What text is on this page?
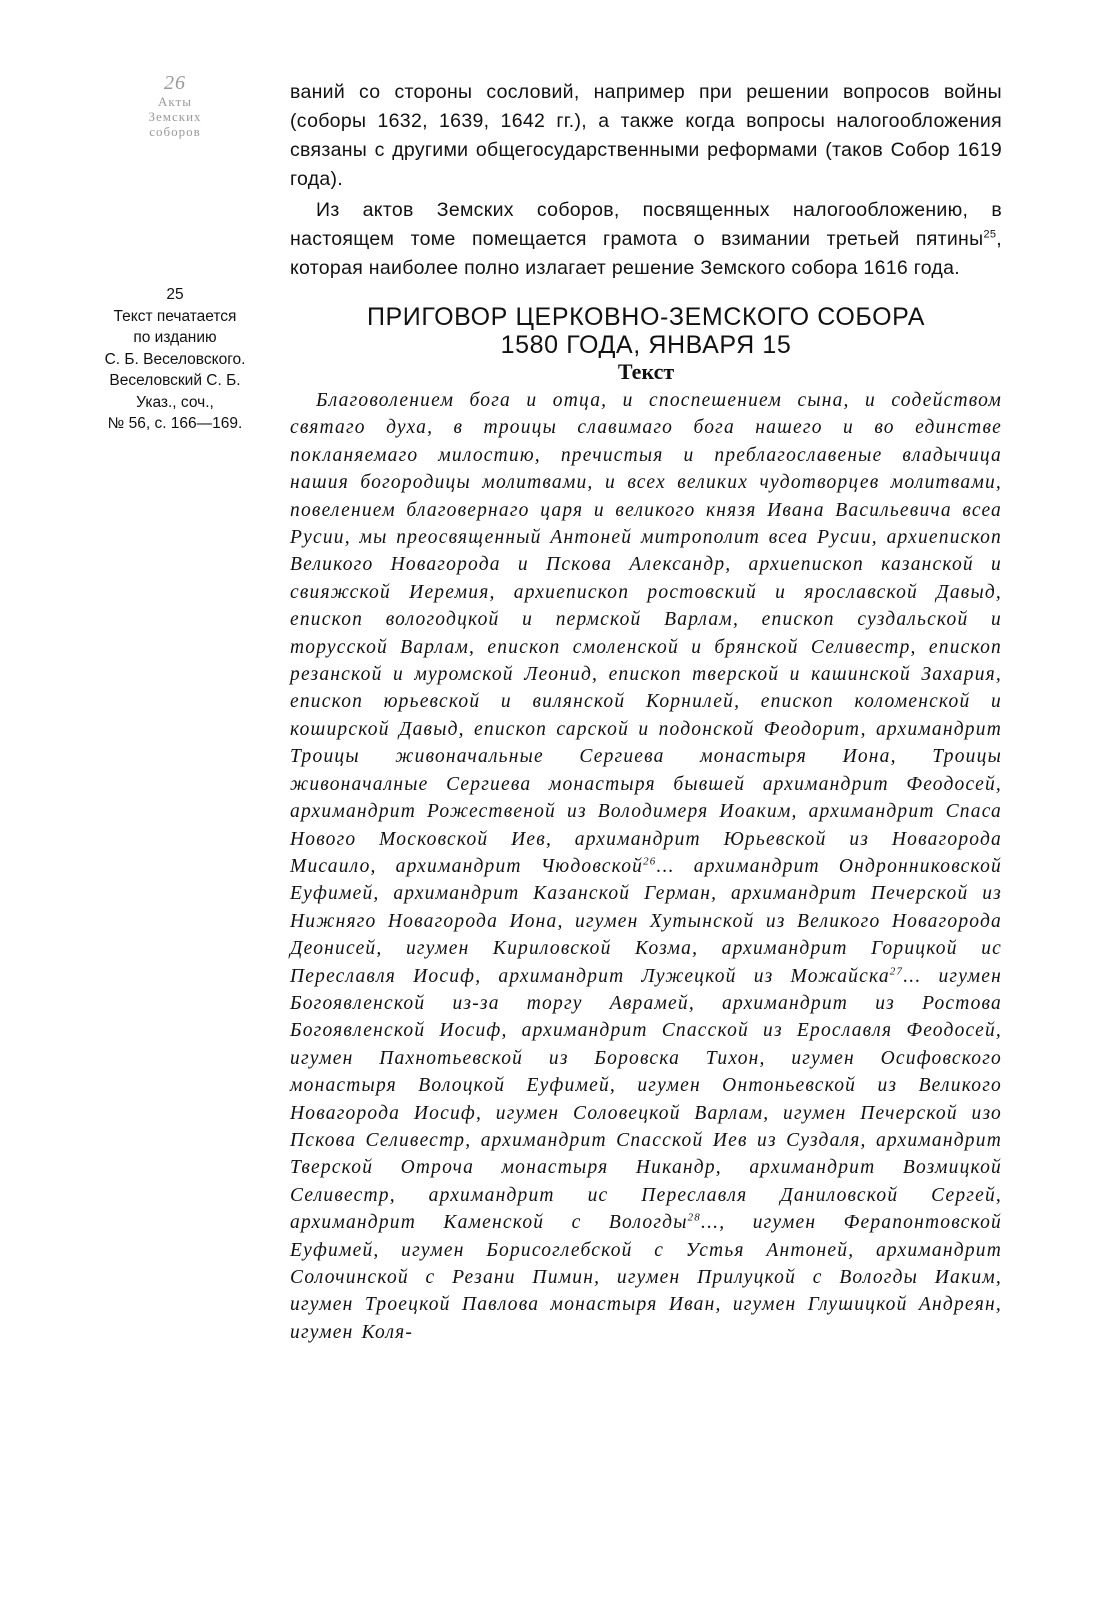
26
Акты
Земских
соборов
25
Текст печатается
по изданию
С. Б. Веселовского.
Веселовский С. Б.
Указ., соч.,
№ 56, с. 166—169.

ваний со стороны сословий, например при решении вопросов войны (соборы 1632, 1639, 1642 гг.), а также когда вопросы налогообложения связаны с другими общегосударственными реформами (таков Собор 1619 года).

Из актов Земских соборов, посвященных налогообложению, в настоящем томе помещается грамота о взимании третьей пятины$^{25}$, которая наиболее полно излагает решение Земского собора 1616 года.

ПРИГОВОР ЦЕРКОВНО-ЗЕМСКОГО СОБОРА
1580 ГОДА, ЯНВАРЯ 15

Текст

Благоволением бога и отца, и споспешением сына, и содейством святаго духа, в троицы славимаго бога нашего и во единстве покланяемаго милостию, пречистыя и преблагославеные владычица нашия богородицы молитвами, и всех великих чудотворцев молитвами, повелением благовернаго царя и великого князя Ивана Васильевича всеа Русии, мы преосвященный Антоней митрополит всеа Русии, архиепископ Великого Новагорода и Пскова Александр, архиепископ казанской и свияжской Иеремия, архиепископ ростовский и ярославской Давыд, епископ вологодцкой и пермской Варлам, епископ суздальской и торусской Варлам, епископ смоленской и брянской Селивестр, епископ резанской и муромской Леонид, епископ тверской и кашинской Захария, епископ юрьевской и вилянской Корнилей, епископ коломенской и коширской Давыд, епископ сарской и подонской Феодорит, архимандрит Троицы живоначальные Сергиева монастыря Иона, Троицы живоначалные Сергиева монастыря бывшей архимандрит Феодосей, архимандрит Рожественой из Володимеря Иоаким, архимандрит Спаса Нового Московской Иев, архимандрит Юрьевской из Новагорода Мисаило, архимандрит Чюдовской$^{26}$... архимандрит Ондронниковской Еуфимей, архимандрит Казанской Герман, архимандрит Печерской из Нижняго Новагорода Иона, игумен Хутынской из Великого Новагорода Деонисей, игумен Кириловской Козма, архимандрит Горицкой ис Переславля Иосиф, архимандрит Лужецкой из Можайска$^{27}$... игумен Богоявленской из-за торгу Аврамей, архимандрит из Ростова Богоявленской Иосиф, архимандрит Спасской из Ерославля Феодосей, игумен Пахнотьевской из Боровска Тихон, игумен Осифовского монастыря Волоцкой Еуфимей, игумен Онтоньевской из Великого Новагорода Иосиф, игумен Соловецкой Варлам, игумен Печерской изо Пскова Селивестр, архимандрит Спасской Иев из Суздаля, архимандрит Тверской Отроча монастыря Никандр, архимандрит Возмицкой Селивестр, архимандрит ис Переславля Даниловской Сергей, архимандрит Каменской с Вологды$^{28}$..., игумен Ферапонтовской Еуфимей, игумен Борисоглебской с Устья Антоней, архимандрит Солочинской с Резани Пимин, игумен Прилуцкой с Вологды Иаким, игумен Троецкой Павлова монастыря Иван, игумен Глушицкой Андреян, игумен Коля-
